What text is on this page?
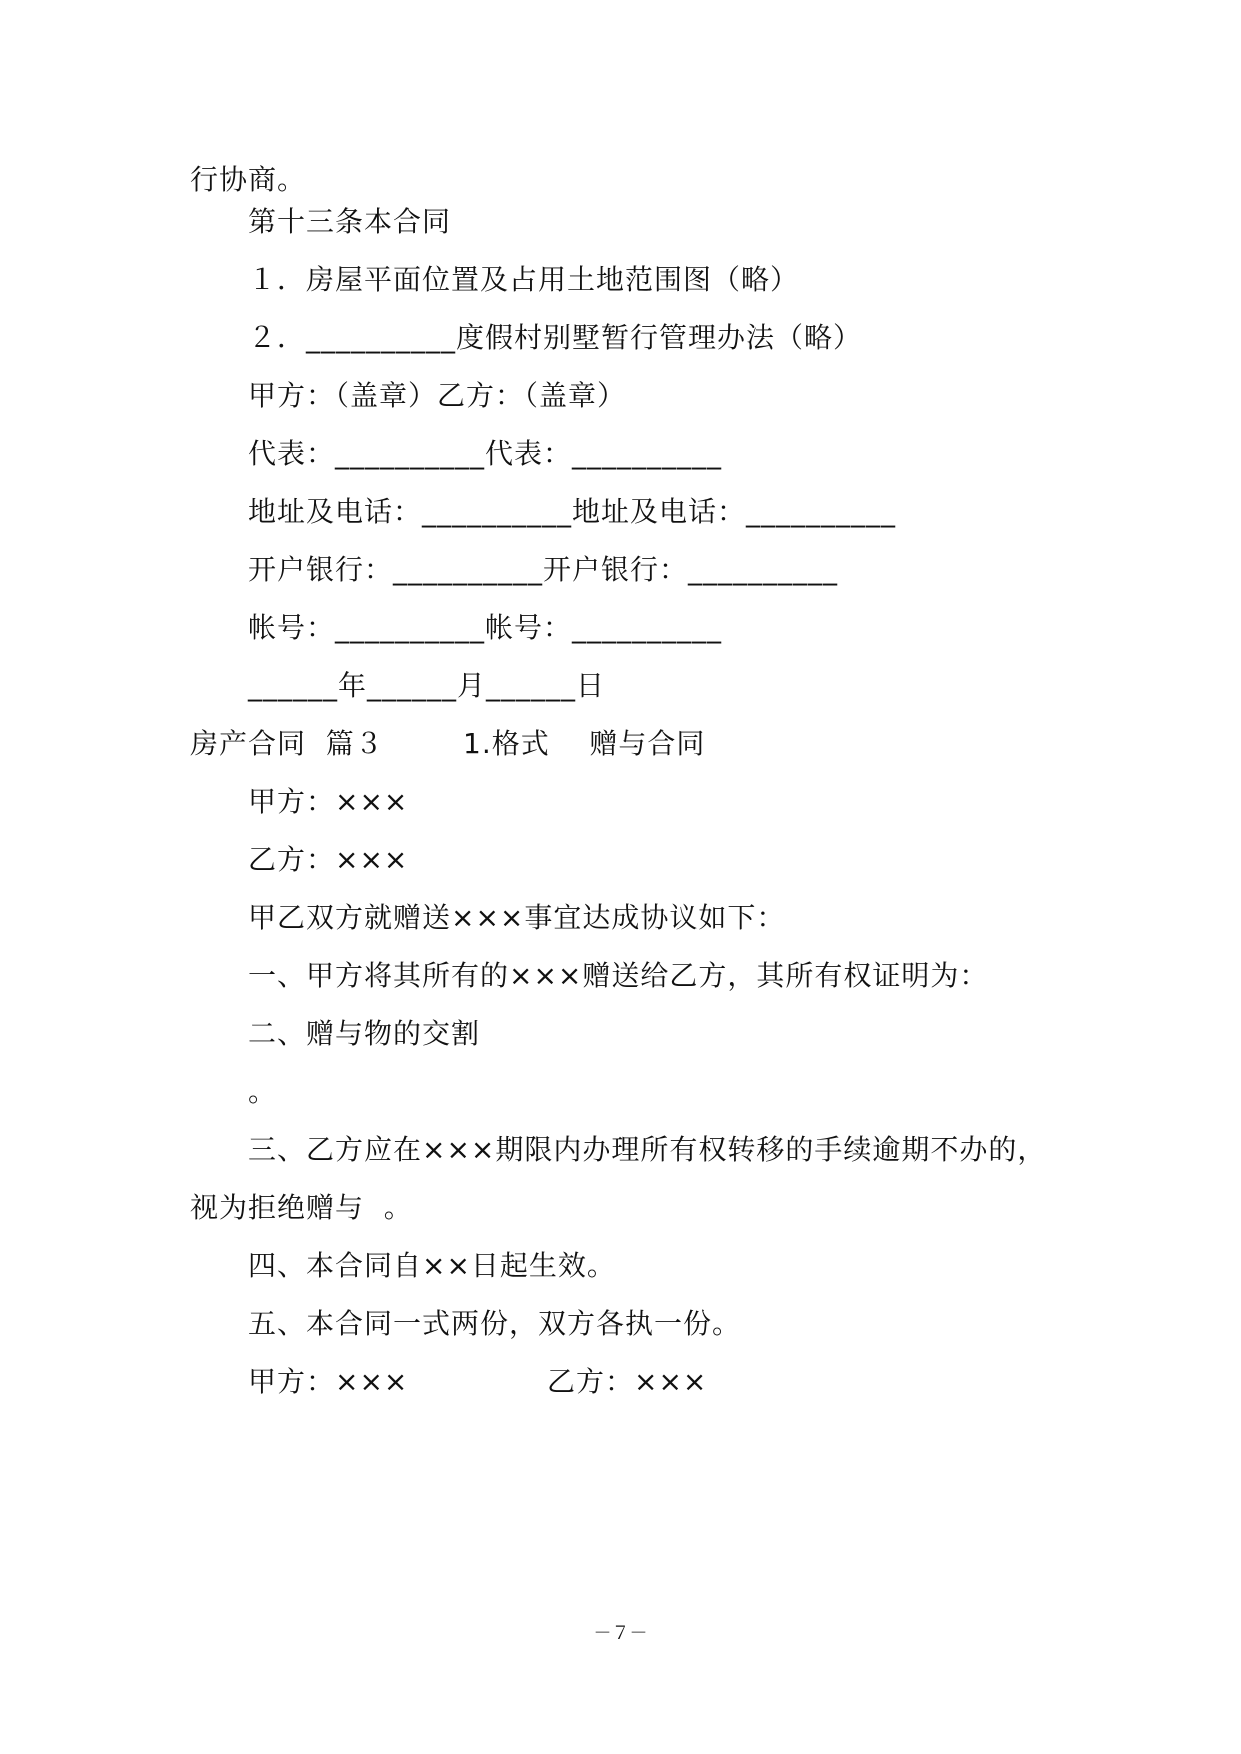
行协商。
第十三条本合同
１．房屋平面位置及占用土地范围图（略）
２．__________度假村别墅暂行管理办法（略）
甲方：（盖章）乙方：（盖章）
代表：__________代表：__________
地址及电话：__________地址及电话：__________
开户银行：__________开户银行：__________
帐号：__________帐号：__________
______年______月______日
房产合同  篇３        1.格式    赠与合同
甲方：×××
乙方：×××
甲乙双方就赠送×××事宜达成协议如下：
一、甲方将其所有的×××赠送给乙方，其所有权证明为：
二、赠与物的交割
。
三、乙方应在×××期限内办理所有权转移的手续逾期不办的，
视为拒绝赠与  。
四、本合同自××日起生效。
五、本合同一式两份，双方各执一份。
甲方：×××              乙方：×××
－７－
